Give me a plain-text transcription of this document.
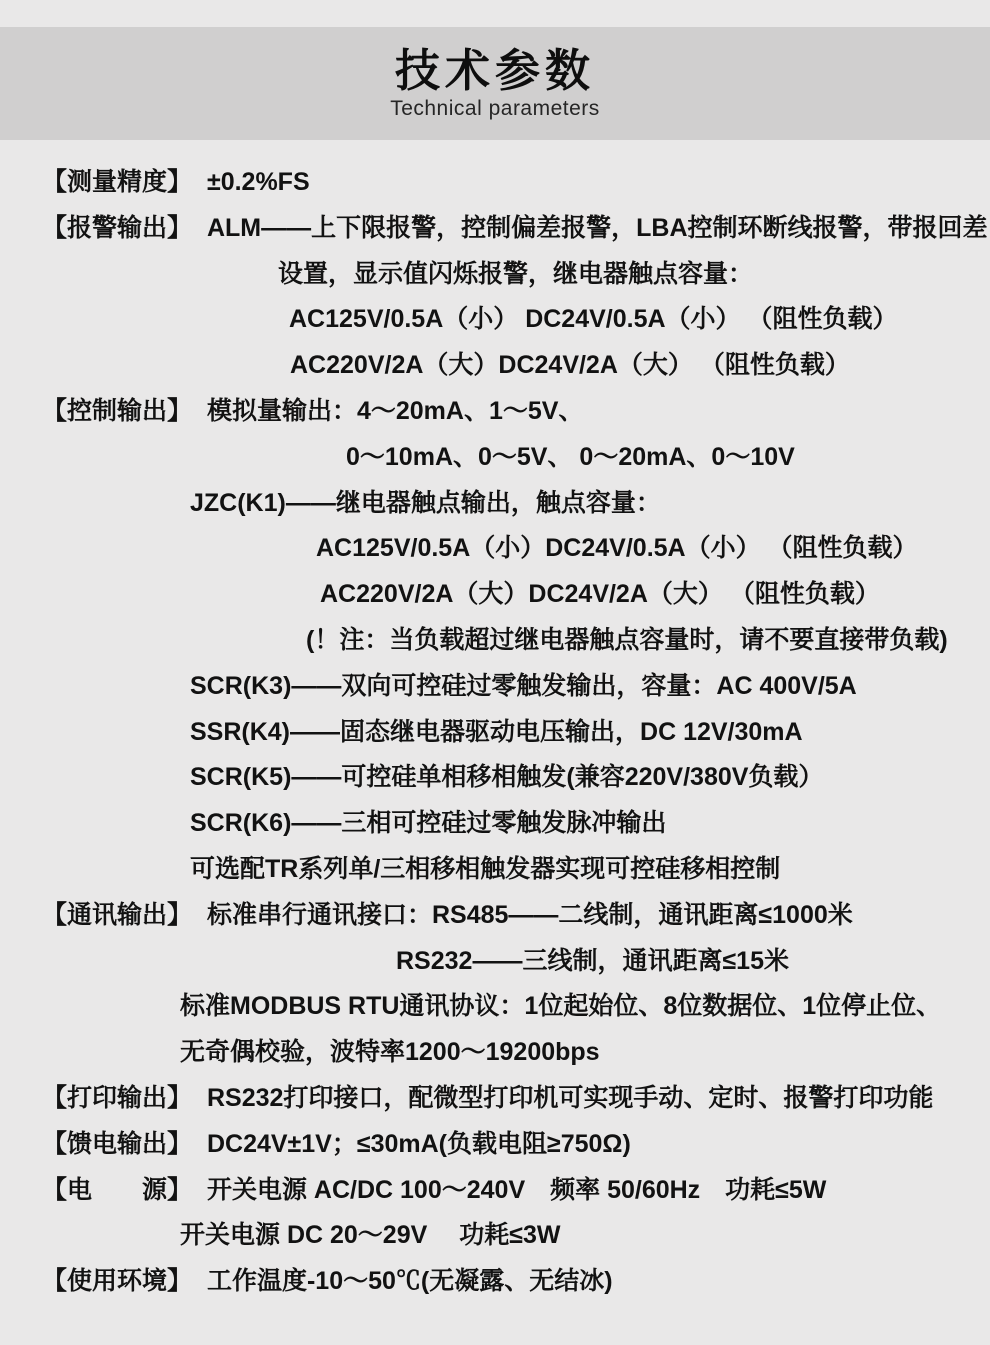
技术参数
Technical parameters
【测量精度】 ±0.2%FS
【报警输出】 ALM——上下限报警，控制偏差报警，LBA控制环断线报警，带报回差
设置，显示值闪烁报警，继电器触点容量：
AC125V/0.5A（小） DC24V/0.5A（小） （阻性负载）
AC220V/2A（大）DC24V/2A（大） （阻性负载）
【控制输出】 模拟量输出：4～20mA、1～5V、
0～10mA、0～5V、 0～20mA、0～10V
JZC(K1)——继电器触点输出，触点容量：
AC125V/0.5A（小）DC24V/0.5A（小） （阻性负载）
AC220V/2A（大）DC24V/2A（大） （阻性负载）
(！注：当负载超过继电器触点容量时，请不要直接带负载)
SCR(K3)——双向可控硅过零触发输出，容量：AC 400V/5A
SSR(K4)——固态继电器驱动电压输出，DC 12V/30mA
SCR(K5)——可控硅单相移相触发(兼容220V/380V负载）
SCR(K6)——三相可控硅过零触发脉冲输出
可选配TR系列单/三相移相触发器实现可控硅移相控制
【通讯输出】 标准串行通讯接口：RS485——二线制，通讯距离≤1000米
RS232——三线制，通讯距离≤15米
标准MODBUS RTU通讯协议：1位起始位、8位数据位、1位停止位、
无奇偶校验，波特率1200～19200bps
【打印输出】 RS232打印接口，配微型打印机可实现手动、定时、报警打印功能
【馈电输出】 DC24V±1V；≤30mA(负载电阻≥750Ω)
【电　　源】 开关电源 AC/DC 100～240V　频率 50/60Hz　功耗≤5W
开关电源 DC 20～29V　 功耗≤3W
【使用环境】 工作温度-10～50℃(无凝露、无结冰)
